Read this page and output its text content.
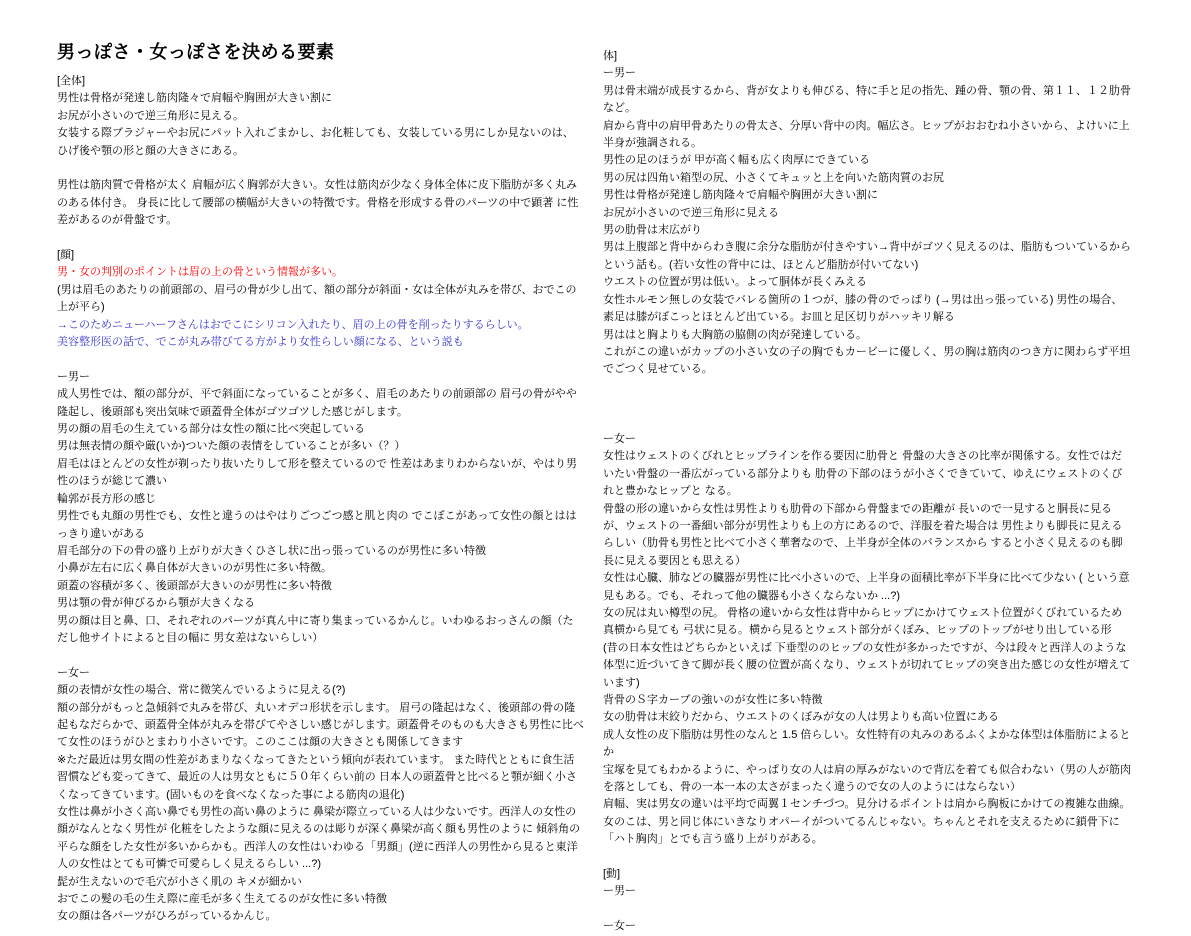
男っぽさ・女っぽさを決める要素
[全体]
男性は骨格が発達し筋肉隆々で肩幅や胸囲が大きい割に
お尻が小さいので逆三角形に見える。
女装する際ブラジャーやお尻にパット入れごまかし、お化粧しても、女装している男にしか見ないのは、ひげ後や顎の形と顔の大きさにある。
男性は筋肉質で骨格が太く 肩幅が広く胸郭が大きい。女性は筋肉が少なく身体全体に皮下脂肪が多く丸みのある体付き。 身長に比して腰部の横幅が大きいの特徴です。骨格を形成する骨のパーツの中で顕著 に性差があるのが骨盤です。
[顔]
男・女の判別のポイントは眉の上の骨という情報が多い。
(男は眉毛のあたりの前頭部の、眉弓の骨が少し出て、額の部分が斜面・女は全体が丸みを帯び、おでこの上が平ら)
→このためニューハーフさんはおでこにシリコン入れたり、眉の上の骨を削ったりするらしい。
美容整形医の話で、でこが丸み帯びてる方がより女性らしい顔になる、という説も
ー男ー
成人男性では、額の部分が、平で斜面になっていることが多く、眉毛のあたりの前頭部の 眉弓の骨がやや隆起し、後頭部も突出気味で頭蓋骨全体がゴツゴツした感じがします。
男の顔の眉毛の生えている部分は女性の額に比べ突起している
男は無表情の顔や厳(いか)ついた顔の表情をしていることが多い（？）
眉毛はほとんどの女性が剃ったり抜いたりして形を整えているので 性差はあまりわからないが、やはり男性のほうが総じて濃い
輪郭が長方形の感じ
男性でも丸顔の男性でも、女性と違うのはやはりごつごつ感と肌と肉の でこぼこがあって女性の顔とははっきり違いがある
眉毛部分の下の骨の盛り上がりが大きくひさし状に出っ張っているのが男性に多い特徴
小鼻が左右に広く鼻自体が大きいのが男性に多い特徴。
頭蓋の容積が多く、後頭部が大きいのが男性に多い特徴
男は顎の骨が伸びるから顎が大きくなる
男の顔は目と鼻、口、それぞれのパーツが真ん中に寄り集まっているかんじ。いわゆるおっさんの顔（ただし他サイトによると目の幅に 男女差はないらしい）
ー女ー
顔の表情が女性の場合、常に微笑んでいるように見える(?)
額の部分がもっと急傾斜で丸みを帯び、丸いオデコ形状を示します。 眉弓の隆起はなく、後頭部の骨の隆起もなだらかで、頭蓋骨全体が丸みを帯びてやさしい感じがします。頭蓋骨そのものも大きさも男性に比べて女性のほうがひとまわり小さいです。このここは顔の大きさとも関係してきます
※ただ最近は男女間の性差があまりなくなってきたという傾向が表れています。 また時代とともに食生活習慣なども変ってきて、最近の人は男女ともに５０年くらい前の 日本人の頭蓋骨と比べると顎が細く小さくなってきています。(固いものを食べなくなった事による筋肉の退化)
女性は鼻が小さく高い鼻でも男性の高い鼻のように 鼻梁が際立っている人は少ないです。西洋人の女性の顔がなんとなく男性が 化粧をしたような顔に見えるのは彫りが深く鼻梁が高く顔も男性のように 傾斜角の平らな顔をした女性が多いからかも。西洋人の女性はいわゆる「男顔」(逆に西洋人の男性から見ると東洋人の女性はとても可憐で可愛らしく見えるらしい ...?)
髭が生えないので毛穴が小さく肌の キメが細かい
おでこの髪の毛の生え際に産毛が多く生えてるのが女性に多い特徴
女の顔は各パーツがひろがっているかんじ。
体]
ー男ー
男は骨末端が成長するから、背が女よりも伸びる、特に手と足の指先、踵の骨、顎の骨、第１１、１２肋骨など。
肩から背中の肩甲骨あたりの骨太さ、分厚い背中の肉。幅広さ。ヒップがおおむね小さいから、よけいに上半身が強調される。
男性の足のほうが 甲が高く幅も広く肉厚にできている
男の尻は四角い箱型の尻、小さくてキュッと上を向いた筋肉質のお尻
男性は骨格が発達し筋肉隆々で肩幅や胸囲が大きい割に
お尻が小さいので逆三角形に見える
男の肋骨は末広がり
男は上腹部と背中からわき腹に余分な脂肪が付きやすい→背中がゴツく見えるのは、脂肪もついているからという話も。(若い女性の背中には、ほとんど脂肪が付いてない)
ウエストの位置が男は低い。よって胴体が長くみえる
女性ホルモン無しの女装でバレる箇所の１つが、膝の骨のでっぱり (→男は出っ張っている) 男性の場合、素足は膝がぼこっとほとんど出ている。お皿と足区切りがハッキリ解る
男ははと胸よりも大胸筋の脇側の肉が発達している。
これがこの違いがカップの小さい女の子の胸でもカービーに優しく、男の胸は筋肉のつき方に関わらず平坦でごつく見せている。
ー女ー
女性はウェストのくびれとヒップラインを作る要因に肋骨と 骨盤の大きさの比率が関係する。女性ではだいたい骨盤の一番広がっている部分よりも 肋骨の下部のほうが小さくできていて、ゆえにウェストのくびれと豊かなヒップと なる。
骨盤の形の違いから女性は男性よりも肋骨の下部から骨盤までの距離が 長いので一見すると胴長に見るが、ウェストの一番細い部分が男性よりも上の方にあるので、洋服を着た場合は 男性よりも脚長に見えるらしい（肋骨も男性と比べて小さく華奢なので、上半身が全体のバランスから すると小さく見えるのも脚長に見える要因とも思える）
女性は心臓、肺などの臓器が男性に比べ小さいので、上半身の面積比率が下半身に比べて少ない ( という意見もある。でも、それって他の臓器も小さくならないか ...?)
女の尻は丸い樽型の尻。 骨格の違いから女性は背中からヒップにかけてウェスト位置がくびれているため真横から見ても 弓状に見る。横から見るとウェスト部分がくぼみ、ヒップのトップがせり出している形
(昔の日本女性はどちらかといえば 下垂型ののヒップの女性が多かったですが、今は段々と西洋人のような体型に近づいてきて脚が長く腰の位置が高くなり、ウェストが切れてヒップの突き出た感じの女性が増えています)
背骨のＳ字カーブの強いのが女性に多い特徴
女の肋骨は末絞りだから、ウエストのくぼみが女の人は男よりも高い位置にある
成人女性の皮下脂肪は男性のなんと 1.5 倍らしい。女性特有の丸みのあるふくよかな体型は体脂肪によるとか
宝塚を見てもわかるように、やっぱり女の人は肩の厚みがないので背広を着ても似合わない（男の人が筋肉を落としても、骨の一本一本の太さがまったく違うので女の人のようにはならない）
肩幅、実は男女の違いは平均で両翼１センチづつ。見分けるポイントは肩から胸板にかけての複雑な曲線。女のこは、男と同じ体にいきなりオパーイがついてるんじゃない。ちゃんとそれを支えるために鎖骨下に「ハト胸肉」とでも言う盛り上がりがある。
[動]
ー男ー
ー女ー
